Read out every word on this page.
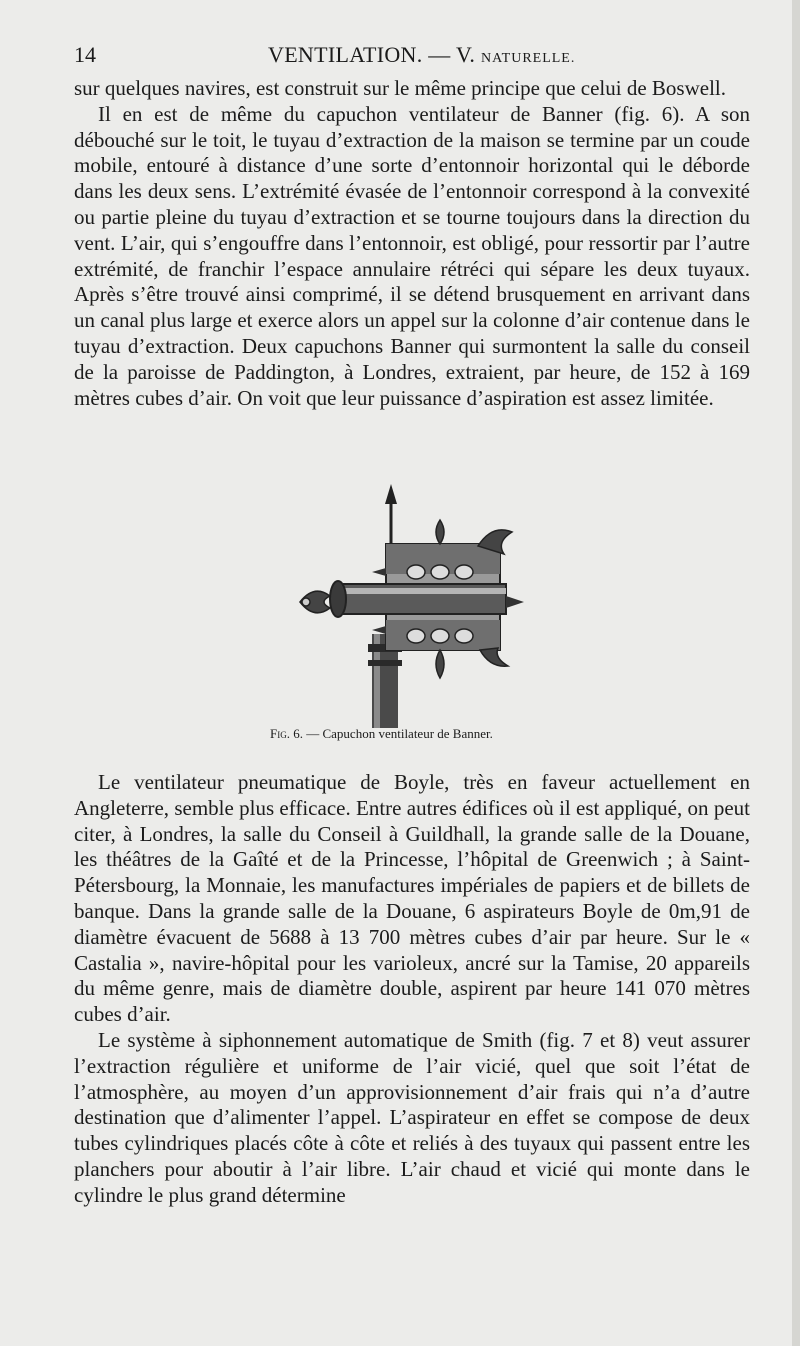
14	VENTILATION. — V. NATURELLE.

sur quelques navires, est construit sur le même principe que celui de Boswell.

Il en est de même du capuchon ventilateur de Banner (fig. 6). A son débouché sur le toit, le tuyau d’extraction de la maison se termine par un coude mobile, entouré à distance d’une sorte d’entonnoir horizontal qui le déborde dans les deux sens. L’extrémité évasée de l’entonnoir correspond à la convexité ou partie pleine du tuyau d’extraction et se tourne toujours dans la direction du vent. L’air, qui s’engouffre dans l’entonnoir, est obligé, pour ressortir par l’autre extrémité, de franchir l’espace annulaire rétréci qui sépare les deux tuyaux. Après s’être trouvé ainsi comprimé, il se détend brusquement en arrivant dans un canal plus large et exerce alors un appel sur la colonne d’air contenue dans le tuyau d’extraction. Deux capuchons Banner qui surmontent la salle du conseil de la paroisse de Paddington, à Londres, extraient, par heure, de 152 à 169 mètres cubes d’air. On voit que leur puissance d’aspiration est assez limitée.

Fig. 6. — Capuchon ventilateur de Banner.

Le ventilateur pneumatique de Boyle, très en faveur actuellement en Angleterre, semble plus efficace. Entre autres édifices où il est appliqué, on peut citer, à Londres, la salle du Conseil à Guildhall, la grande salle de la Douane, les théâtres de la Gaîté et de la Princesse, l’hôpital de Greenwich ; à Saint-Pétersbourg, la Monnaie, les manufactures impériales de papiers et de billets de banque. Dans la grande salle de la Douane, 6 aspirateurs Boyle de 0m,91 de diamètre évacuent de 5688 à 13 700 mètres cubes d’air par heure. Sur le « Castalia », navire-hôpital pour les varioleux, ancré sur la Tamise, 20 appareils du même genre, mais de diamètre double, aspirent par heure 141 070 mètres cubes d’air.

Le système à siphonnement automatique de Smith (fig. 7 et 8) veut assurer l’extraction régulière et uniforme de l’air vicié, quel que soit l’état de l’atmosphère, au moyen d’un approvisionnement d’air frais qui n’a d’autre destination que d’alimenter l’appel. L’aspirateur en effet se compose de deux tubes cylindriques placés côte à côte et reliés à des tuyaux qui passent entre les planchers pour aboutir à l’air libre. L’air chaud et vicié qui monte dans le cylindre le plus grand détermine
